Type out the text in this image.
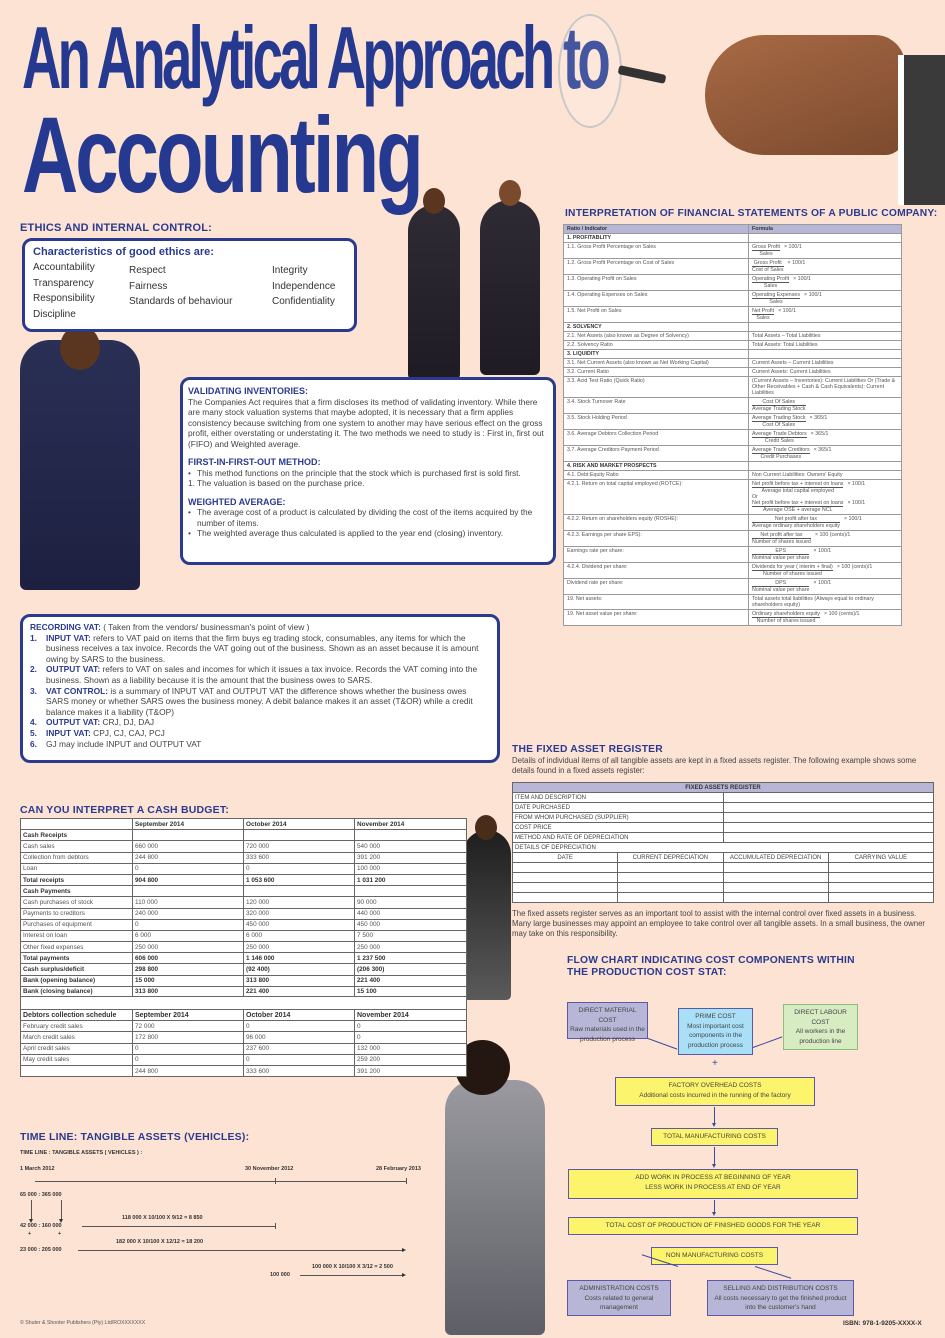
An Analytical Approach to
Accounting
ETHICS AND INTERNAL CONTROL:
Characteristics of good ethics are:
Accountability
Transparency
Responsibility
Discipline
Respect
Fairness
Standards of behaviour
Integrity
Independence
Confidentiality
VALIDATING INVENTORIES:

The Companies Act requires that a firm discloses its method of validating inventory. While there are many stock valuation systems that maybe adopted, it is necessary that a firm applies consistency because switching from one system to another may have serious effect on the gross profit, either overstating or understating it. The two methods we need to study is : First in, first out (FIFO) and Weighted average.

FIRST-IN-FIRST-OUT METHOD:
• This method functions on the principle that the stock which is purchased first is sold first.
1. The valuation is based on the purchase price.
WEIGHTED AVERAGE:
• The average cost of a product is calculated by dividing the cost of the items acquired by the number of items.
• The weighted average thus calculated is applied to the year end (closing) inventory.
RECORDING VAT: ( Taken from the vendors/ businessman's point of view )
1.	INPUT VAT: refers to VAT paid on items that the firm buys eg trading stock, consumables, any items for which the business receives a tax invoice. Records the VAT going out of the business. Shown as an asset because it is amount owing by SARS to the business.
2.	OUTPUT VAT: refers to VAT on sales and incomes for which it issues a tax invoice. Records the VAT coming into the business. Shown as a liability because it is the amount that the business owes to SARS.
3.	VAT CONTROL: is a summary of INPUT VAT and OUTPUT VAT the difference shows whether the business owes SARS money or whether SARS owes the business money. A debit balance makes it an asset (T&OR) while a credit balance makes it a liability (T&OP)
4.	OUTPUT VAT: CRJ, DJ, DAJ
5.	INPUT VAT: CPJ, CJ, CAJ, PCJ
6.	GJ may include INPUT and OUTPUT VAT
INTERPRETATION OF FINANCIAL STATEMENTS OF A PUBLIC COMPANY:
Ratio / Indicator	Formula
1. PROFITABLITY	
1.1. Gross Profit Percentage on Sales	$\frac{\text{Gross Profit}}{\text{Sales}} \times 100/1$
1.2. Gross Profit Percentage on Cost of Sales	$\frac{\text{Gross Profit}}{\text{Cost of Sales}} \times 100/1$
1.3. Operating Profit on Sales	$\frac{\text{Operating Profit}}{\text{Sales}} \times 100/1$
1.4. Operating Expenses on Sales	$\frac{\text{Operating Expenses}}{\text{Sales}} \times 100/1$
1.5. Net Profit on Sales	$\frac{\text{Net Profit}}{\text{Sales}} \times 100/1$
2. SOLVENCY	
2.1. Net Assets (also known as Degree of Solvency)	Total Assets – Total Liabilities
2.2. Solvency Ratio	Total Assets: Total Liabilities
3. LIQUIDITY	
3.1. Net Current Assets (also known as Net Working Capital)	Current Assets – Current Liabilities
3.2. Current Ratio	Current Assets: Current Liabilities
3.3. Acid Test Ratio (Quick Ratio)	(Current Assets – Inventories): Current Liabilities Or (Trade & Other Receivables + Cash & Cash Equivalents): Current Liabilities
3.4. Stock Turnover Rate	$\frac{\text{Cost Of Sales}}{\text{Average Trading Stock}}$

3.5. Stock Holding Period	$\frac{\text{Average Trading Stock}}{\text{Cost Of Sales}} \times 365/1$
3.6. Average Debtors Collection Period	$\frac{\text{Average Trade Debtors}}{\text{Credit Sales}} \times 365/1$
3.7. Average Creditors Payment Period	$\frac{\text{Average Trade Creditors}}{\text{Credit Purchases}} \times 365/1$
4. RISK AND MARKET PROSPECTS	
4.1. Debt:Equity Ratio	Non Current Liabilities: Owners' Equity
4.2.1. Return on total capital employed (ROTCE):	$\frac{\text{Net profit before tax + interest on loans}}{\text{Average total capital employed}} \times 100/1$
Or
$\frac{\text{Net profit before tax + interest on loans}}{\text{Average OSE + average NCL}} \times 100/1$
4.2.2. Return on shareholders equity (ROSHE):	$\frac{\text{Net profit after tax}}{\text{Average ordinary shareholders equity}} \times 100/1$
4.2.3. Earnings per share EPS):	$\frac{\text{Net profit after tax}}{\text{Number of shares issued}} \times 100$ (cents)/1
Earnings rate per share:	$\frac{\text{EPS}}{\text{Nominal value per share}} \times 100/1$
4.2.4. Dividend per share:	$\frac{\text{Dividends for year ( interim + final)}}{\text{Number of shares issued}} \times 100$ (cents)/1
Dividend rate per share:	$\frac{\text{DPS}}{\text{Nominal value per share}} \times 100/1$
19. Net assets:	Total assets total liabilities (Always equal to ordinary shareholders equity)
19. Net asset value per share:	$\frac{\text{Ordinary shareholders equity}}{\text{Number of shares issued}} \times 100$ (cents)/1
THE FIXED ASSET REGISTER
Details of individual items of all tangible assets are kept in a fixed assets register. The following example shows some details found in a fixed assets register:
FIXED ASSETS REGISTER			
ITEM AND DESCRIPTION			
DATE PURCHASED			
FROM WHOM PURCHASED (SUPPLIER)			
COST PRICE			
METHOD AND RATE OF DEPRECIATION			
DETAILS OF DEPRECIATION			
DATE	CURRENT DEPRECIATION	ACCUMULATED DEPRECIATION	CARRYING VALUE

The fixed assets register serves as an important tool to assist with the internal control over fixed assets in a business. Many large businesses may appoint an employee to take control over all tangible assets. In a small business, the owner may take on this responsibility.
CAN YOU INTERPRET A CASH BUDGET:
	September 2014	October 2014	November 2014
Cash Receipts			
Cash sales	660 000	720 000	540 000
Collection from debtors	244 800	333 600	391 200
Loan	0	0	100 000
Total receipts	904 800	1 053 600	1 031 200
Cash Payments			
Cash purchases of stock	110 000	120 000	90 000
Payments to creditors	240 000	320 000	440 000
Purchases of equipment	0	450 000	450 000
Interest on loan	6 000	6 000	7 500
Other fixed expenses	250 000	250 000	250 000
Total payments	606 000	1 146 000	1 237 500
Cash surplus/deficit	298 800	(92 400)	(206 300)
Bank (opening balance)	15 000	313 800	221 400
Bank (closing balance)	313 800	221 400	15 100
Debtors collection schedule	September 2014	October 2014	November 2014
February credit sales	72 000	0	0
March credit sales	172 800	96 000	0
April credit sales	0	237 600	132 000
May credit sales	0	0	259 200
	244 800	333 600	391 200
TIME LINE: TANGIBLE ASSETS (VEHICLES):
TIME LINE : TANGIBLE ASSETS ( VEHICLES ) :
1 March 2012	30 November 2012	28 February 2013
65 000 : 365 000
118 000 X 10/100 X 9/12 = 8 850
42 000 : 160 000
+	+
182 000 X 10/100 X 12/12 = 18 200
23 000 : 205 000
100 000 X 10/100 X 3/12 = 2 500
100 000
FLOW CHART INDICATING COST COMPONENTS WITHIN THE PRODUCTION COST STAT:
DIRECT MATERIAL COST
Raw materials used in the production process
PRIME COST
Most important cost components in the production process
DIRECT LABOUR COST
All workers in the production line
+
FACTORY OVERHEAD COSTS
Additional costs incurred in the running of the factory
TOTAL MANUFACTURING COSTS
ADD WORK IN PROCESS AT BEGINNING OF YEAR
LESS WORK IN PROCESS AT END OF YEAR
TOTAL COST OF PRODUCTION OF FINISHED GOODS FOR THE YEAR
NON MANUFACTURING COSTS
ADMINISTRATION COSTS
Costs related to general management
SELLING AND DISTRIBUTION COSTS
All costs necessary to get the finished product into the customer's hand
ISBN: 978-1-9205-XXXX-X
© Shuter & Shooter Publishers (Pty) Ltd/ROXXXXXXX
